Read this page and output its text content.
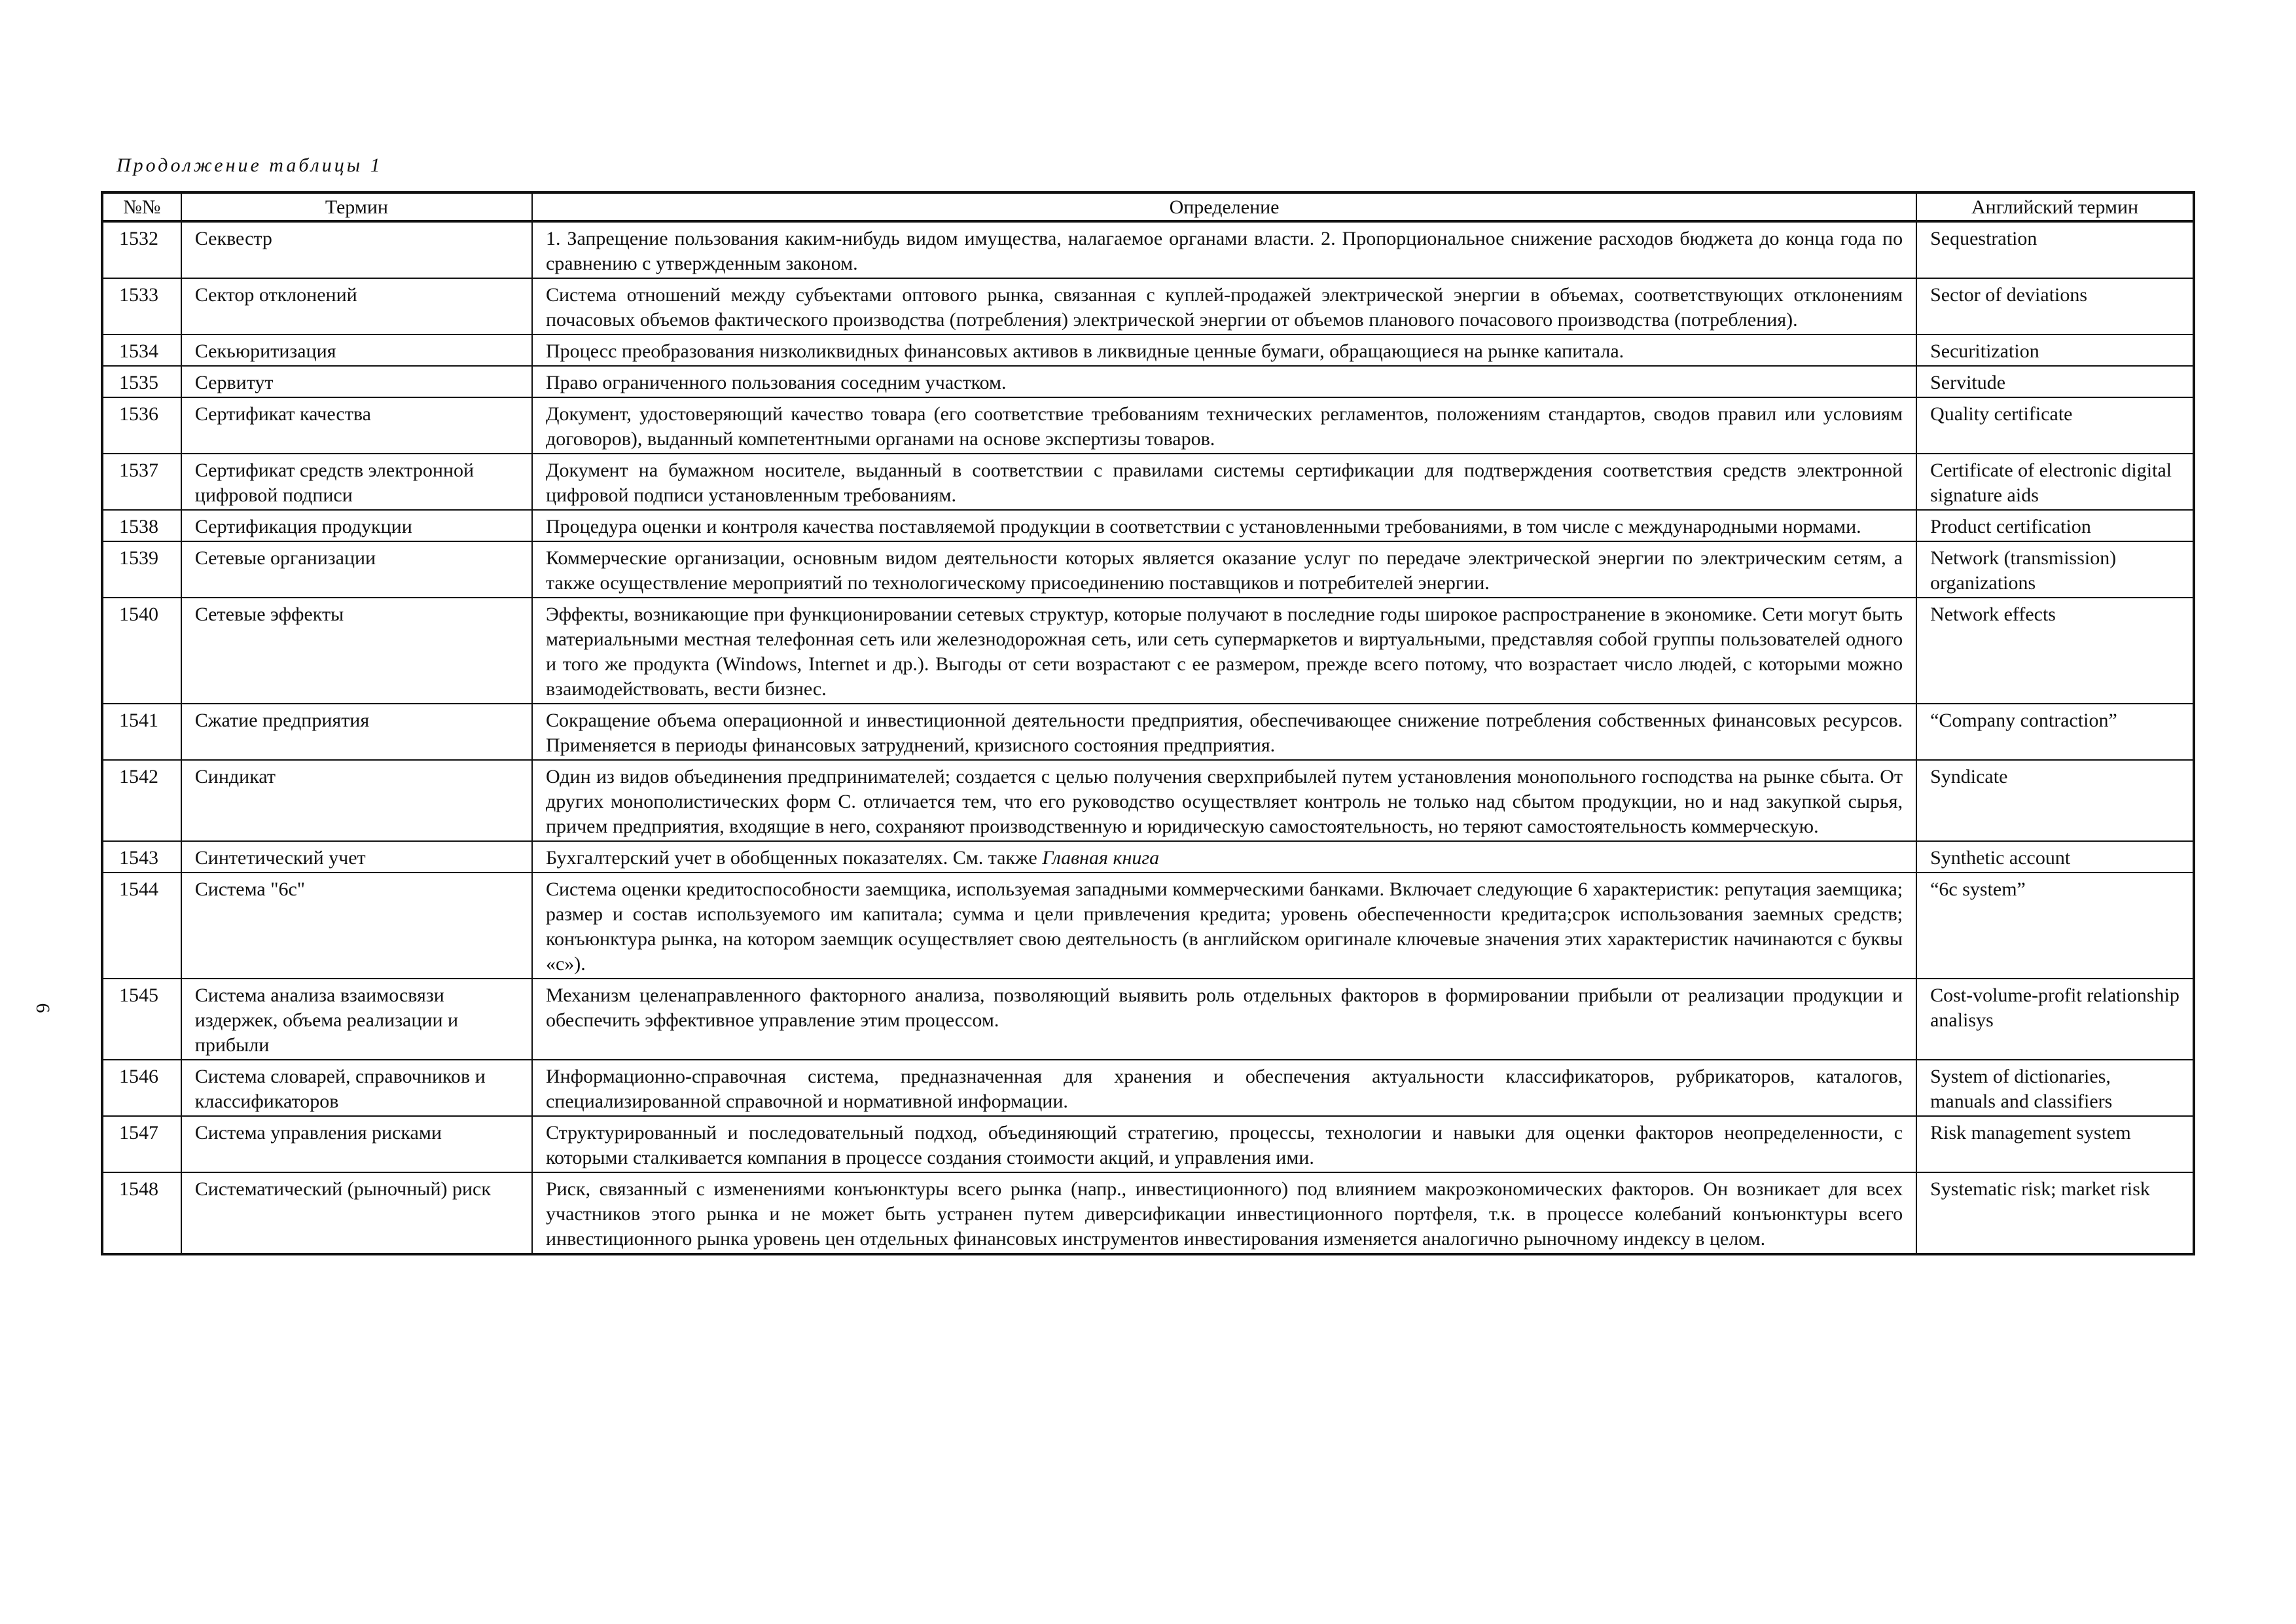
Продолжение таблицы 1
6
№№	Термин	Определение	Английский термин
1532	Секвестр	1. Запрещение пользования каким-нибудь видом имущества, налагаемое органами власти. 2. Пропорциональное снижение расходов бюджета до конца года по сравнению с утвержденным законом.	Sequestration
1533	Сектор отклонений	Система отношений между субъектами оптового рынка, связанная с куплей-продажей электрической энергии в объемах, соответствующих отклонениям почасовых объемов фактического производства (потребления) электрической энергии от объемов планового почасового производства (потребления).	Sector of deviations
1534	Секьюритизация	Процесс преобразования низколиквидных финансовых активов в ликвидные ценные бумаги, обращающиеся на рынке капитала.	Securitization
1535	Сервитут	Право ограниченного пользования соседним участком.	Servitude
1536	Сертификат качества	Документ, удостоверяющий качество товара (его соответствие требованиям технических регламентов, положениям стандартов, сводов правил или условиям договоров), выданный компетентными органами на основе экспертизы товаров.	Quality certificate
1537	Сертификат средств электронной цифровой подписи	Документ на бумажном носителе, выданный в соответствии с правилами системы сертификации для подтверждения соответствия средств электронной цифровой подписи установленным требованиям.	Certificate of electronic digital signature aids
1538	Сертификация продукции	Процедура оценки и контроля качества поставляемой продукции в соответствии с установленными требованиями, в том числе с международными нормами.	Product certification
1539	Сетевые организации	Коммерческие организации, основным видом деятельности которых является оказание услуг по передаче электрической энергии по электрическим сетям, а также осуществление мероприятий по технологическому присоединению поставщиков и потребителей энергии.	Network (transmission) organizations
1540	Сетевые эффекты	Эффекты, возникающие при функционировании сетевых структур, которые получают в последние годы широкое распространение в экономике. Сети могут быть материальными местная телефонная сеть или железнодорожная сеть, или сеть супермаркетов и виртуальными, представляя собой группы пользователей одного и того же продукта (Windows, Internet и др.). Выгоды от сети возрастают с ее размером, прежде всего потому, что возрастает число людей, с которыми можно взаимодействовать, вести бизнес.	Network effects
1541	Сжатие предприятия	Сокращение объема операционной и инвестиционной деятельности предприятия, обеспечивающее снижение потребления собственных финансовых ресурсов. Применяется в периоды финансовых затруднений, кризисного состояния предприятия.	“Company contraction”
1542	Синдикат	Один из видов объединения предпринимателей; создается с целью получения сверхприбылей путем установления монопольного господства на рынке сбыта. От других монополистических форм С. отличается тем, что его руководство осуществляет контроль не только над сбытом продукции, но и над закупкой сырья, причем предприятия, входящие в него, сохраняют производственную и юридическую самостоятельность, но теряют самостоятельность коммерческую.	Syndicate
1543	Синтетический учет	Бухгалтерский учет в обобщенных показателях. См. также Главная книга	Synthetic account
1544	Система "6c"	Система оценки кредитоспособности заемщика, используемая западными коммерческими банками. Включает следующие 6 характеристик: репутация заемщика; размер и состав используемого им капитала; сумма и цели привлечения кредита; уровень обеспеченности кредита;срок использования заемных средств; конъюнктура рынка, на котором заемщик осуществляет свою деятельность (в английском оригинале ключевые значения этих характеристик начинаются с буквы «с»).	“6c system”
1545	Система анализа взаимосвязи издержек, объема реализации и прибыли	Механизм целенаправленного факторного анализа, позволяющий выявить роль отдельных факторов в формировании прибыли от реализации продукции и обеспечить эффективное управление этим процессом.	Cost-volume-profit relationship analisys
1546	Система словарей, справочников и классификаторов	Информационно-справочная система, предназначенная для хранения и обеспечения актуальности классификаторов, рубрикаторов, каталогов, специализированной справочной и нормативной информации.	System of dictionaries, manuals and classifiers
1547	Система управления рисками	Структурированный и последовательный подход, объединяющий стратегию, процессы, технологии и навыки для оценки факторов неопределенности, с которыми сталкивается компания в процессе создания стоимости акций, и управления ими.	Risk management system
1548	Систематический (рыночный) риск	Риск, связанный с изменениями конъюнктуры всего рынка (напр., инвестиционного) под влиянием макроэкономических факторов. Он возникает для всех участников этого рынка и не может быть устранен путем диверсификации инвестиционного портфеля, т.к. в процессе колебаний конъюнктуры всего инвестиционного рынка уровень цен отдельных финансовых инструментов инвестирования изменяется аналогично рыночному индексу в целом.	Systematic risk; market risk
